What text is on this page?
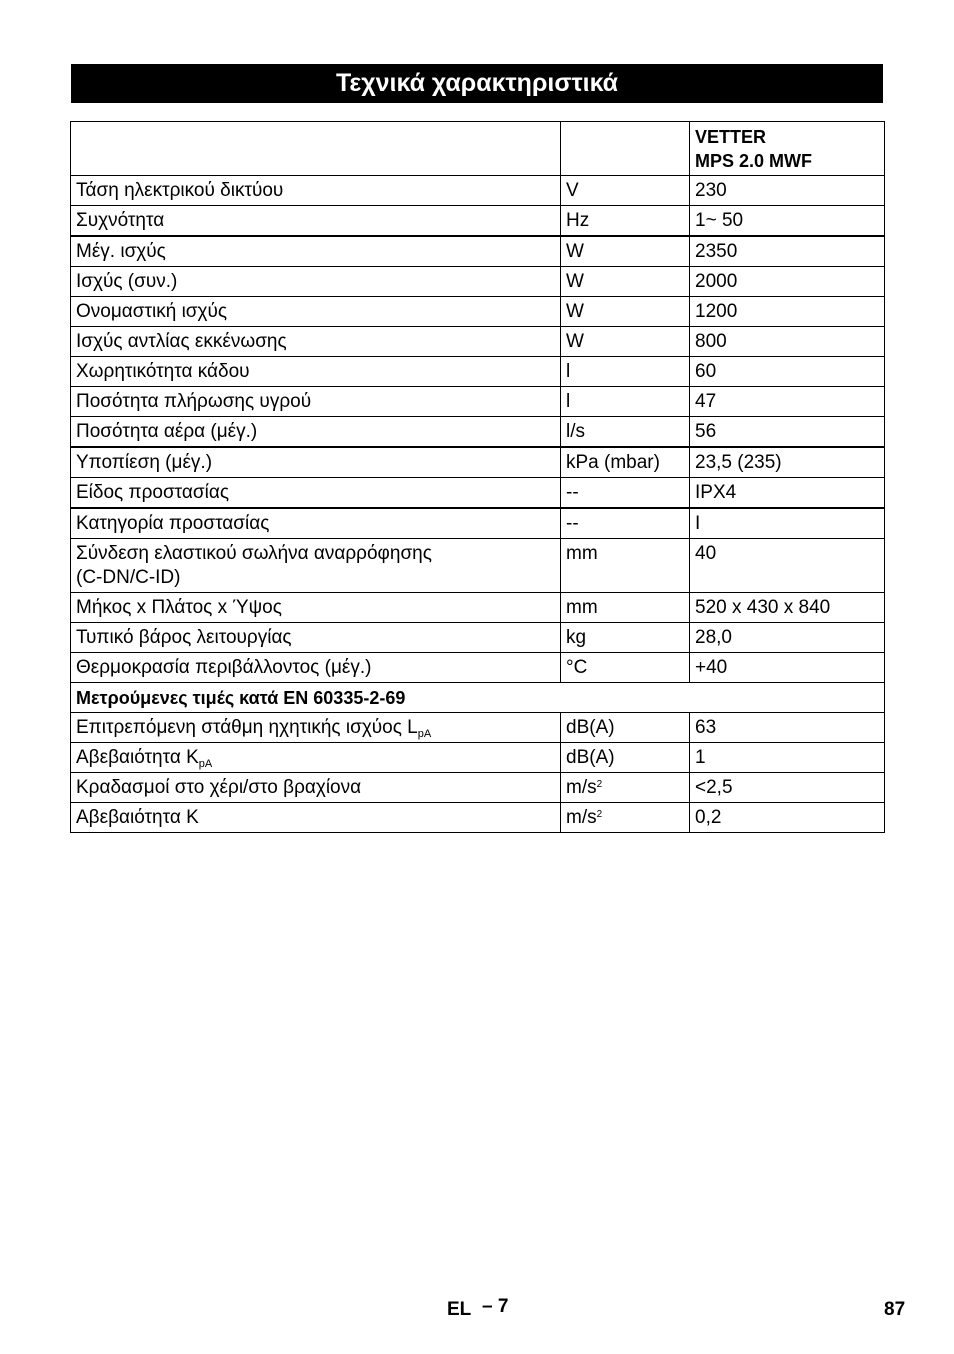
Τεχνικά χαρακτηριστικά

		VETTER
MPS 2.0 MWF

Τάση ηλεκτρικού δικτύου	V	230
Συχνότητα	Hz	1~ 50
Μέγ. ισχύς	W	2350
Ισχύς (συν.)	W	2000
Ονομαστική ισχύς	W	1200
Ισχύς αντλίας εκκένωσης	W	800
Χωρητικότητα κάδου	l	60
Ποσότητα πλήρωσης υγρού	l	47
Ποσότητα αέρα (μέγ.)	l/s	56
Υποπίεση (μέγ.)	kPa (mbar)	23,5 (235)
Είδος προστασίας	--	IPX4
Κατηγορία προστασίας	--	I

Σύνδεση ελαστικού σωλήνα αναρρόφησης
(C-DN/C-ID)	mm	40
Μήκος x Πλάτος x Ύψος	mm	520 x 430 x 840
Τυπικό βάρος λειτουργίας	kg	28,0
Θερμοκρασία περιβάλλοντος (μέγ.)	°C	+40
Μετρούμενες τιμές κατά EN 60335-2-69		
Επιτρεπόμενη στάθμη ηχητικής ισχύος $L_{pA}$	dB(A)	63
Αβεβαιότητα $K_{pA}$	dB(A)	1
Κραδασμοί στο χέρι/στο βραχίονα	$m/s^2$	<2,5
Αβεβαιότητα K	$m/s^2$	0,2
EL – 7	87
